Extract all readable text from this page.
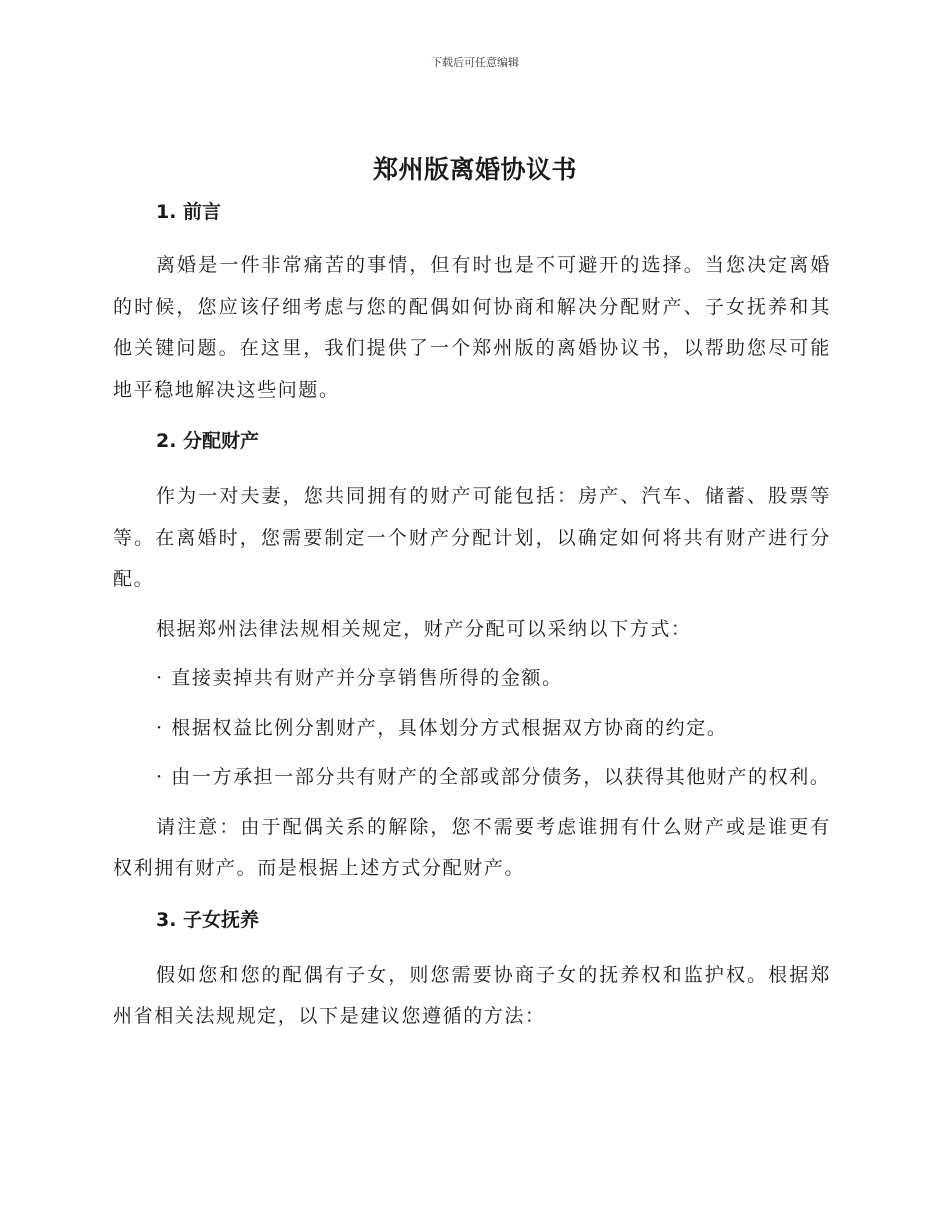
下载后可任意编辑
郑州版离婚协议书
1. 前言
离婚是一件非常痛苦的事情，但有时也是不可避开的选择。当您决定离婚的时候，您应该仔细考虑与您的配偶如何协商和解决分配财产、子女抚养和其他关键问题。在这里，我们提供了一个郑州版的离婚协议书，以帮助您尽可能地平稳地解决这些问题。
2. 分配财产
作为一对夫妻，您共同拥有的财产可能包括：房产、汽车、储蓄、股票等等。在离婚时，您需要制定一个财产分配计划，以确定如何将共有财产进行分配。
根据郑州法律法规相关规定，财产分配可以采纳以下方式：
· 直接卖掉共有财产并分享销售所得的金额。
· 根据权益比例分割财产，具体划分方式根据双方协商的约定。
· 由一方承担一部分共有财产的全部或部分债务，以获得其他财产的权利。
请注意：由于配偶关系的解除，您不需要考虑谁拥有什么财产或是谁更有权利拥有财产。而是根据上述方式分配财产。
3. 子女抚养
假如您和您的配偶有子女，则您需要协商子女的抚养权和监护权。根据郑州省相关法规规定，以下是建议您遵循的方法：
